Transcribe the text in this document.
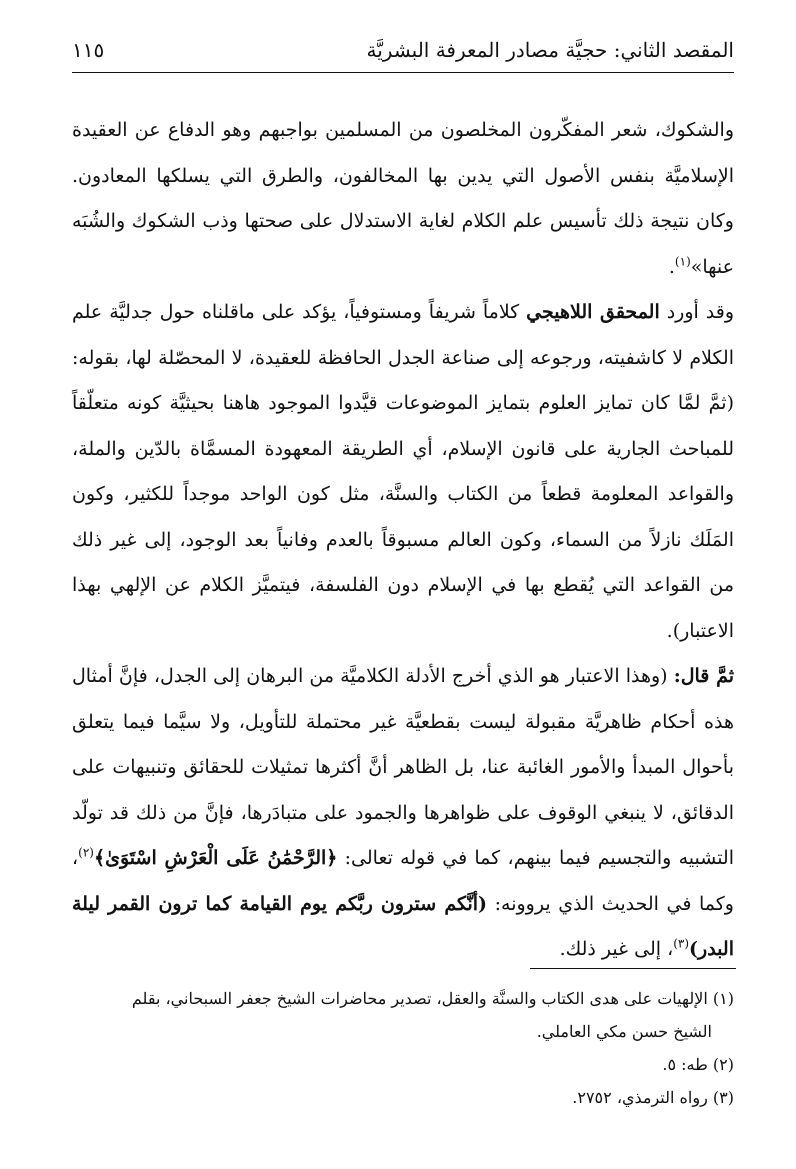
المقصد الثاني: حجيَّة مصادر المعرفة البشريَّة
١١٥

والشكوك، شعر المفكّرون المخلصون من المسلمين بواجبهم وهو الدفاع عن العقيدة الإسلاميَّة بنفس الأصول التي يدين بها المخالفون، والطرق التي يسلكها المعادون. وكان نتيجة ذلك تأسيس علم الكلام لغاية الاستدلال على صحتها وذب الشكوك والشُبَه عنها»$^{(١)}$.

وقد أورد المحقق اللاهيجي كلاماً شريفاً ومستوفياً، يؤكد على ماقلناه حول جدليَّة علم الكلام لا كاشفيته، ورجوعه إلى صناعة الجدل الحافظة للعقيدة، لا المحصّلة لها، بقوله: (ثمَّ لمَّا كان تمايز العلوم بتمايز الموضوعات قيَّدوا الموجود هاهنا بحيثيَّة كونه متعلّقاً للمباحث الجارية على قانون الإسلام، أي الطريقة المعهودة المسمَّاة بالدّين والملة، والقواعد المعلومة قطعاً من الكتاب والسنَّة، مثل كون الواحد موجداً للكثير، وكون المَلَك نازلاً من السماء، وكون العالم مسبوقاً بالعدم وفانياً بعد الوجود، إلى غير ذلك من القواعد التي يُقطع بها في الإسلام دون الفلسفة، فيتميَّز الكلام عن الإلهي بهذا الاعتبار).

ثمَّ قال: (وهذا الاعتبار هو الذي أخرج الأدلة الكلاميَّة من البرهان إلى الجدل، فإنَّ أمثال هذه أحكام ظاهريَّة مقبولة ليست بقطعيَّة غير محتملة للتأويل، ولا سيَّما فيما يتعلق بأحوال المبدأ والأمور الغائبة عنا، بل الظاهر أنَّ أكثرها تمثيلات للحقائق وتنبيهات على الدقائق، لا ينبغي الوقوف على ظواهرها والجمود على متبادَرها، فإنَّ من ذلك قد تولّد التشبيه والتجسيم فيما بينهم، كما في قوله تعالى: ﴿الرَّحْمَٰنُ عَلَى الْعَرْشِ اسْتَوَىٰ﴾$^{(٢)}$، وكما في الحديث الذي يروونه: (أنَّكم سترون ربَّكم يوم القيامة كما ترون القمر ليلة البدر)$^{(٣)}$، إلى غير ذلك.

(١) الإلهيات على هدى الكتاب والسنَّة والعقل، تصدير محاضرات الشيخ جعفر السبحاني، بقلم

الشيخ حسن مكي العاملي.

(٢) طه: ٥.

(٣) رواه الترمذي، ٢٧٥٢.
